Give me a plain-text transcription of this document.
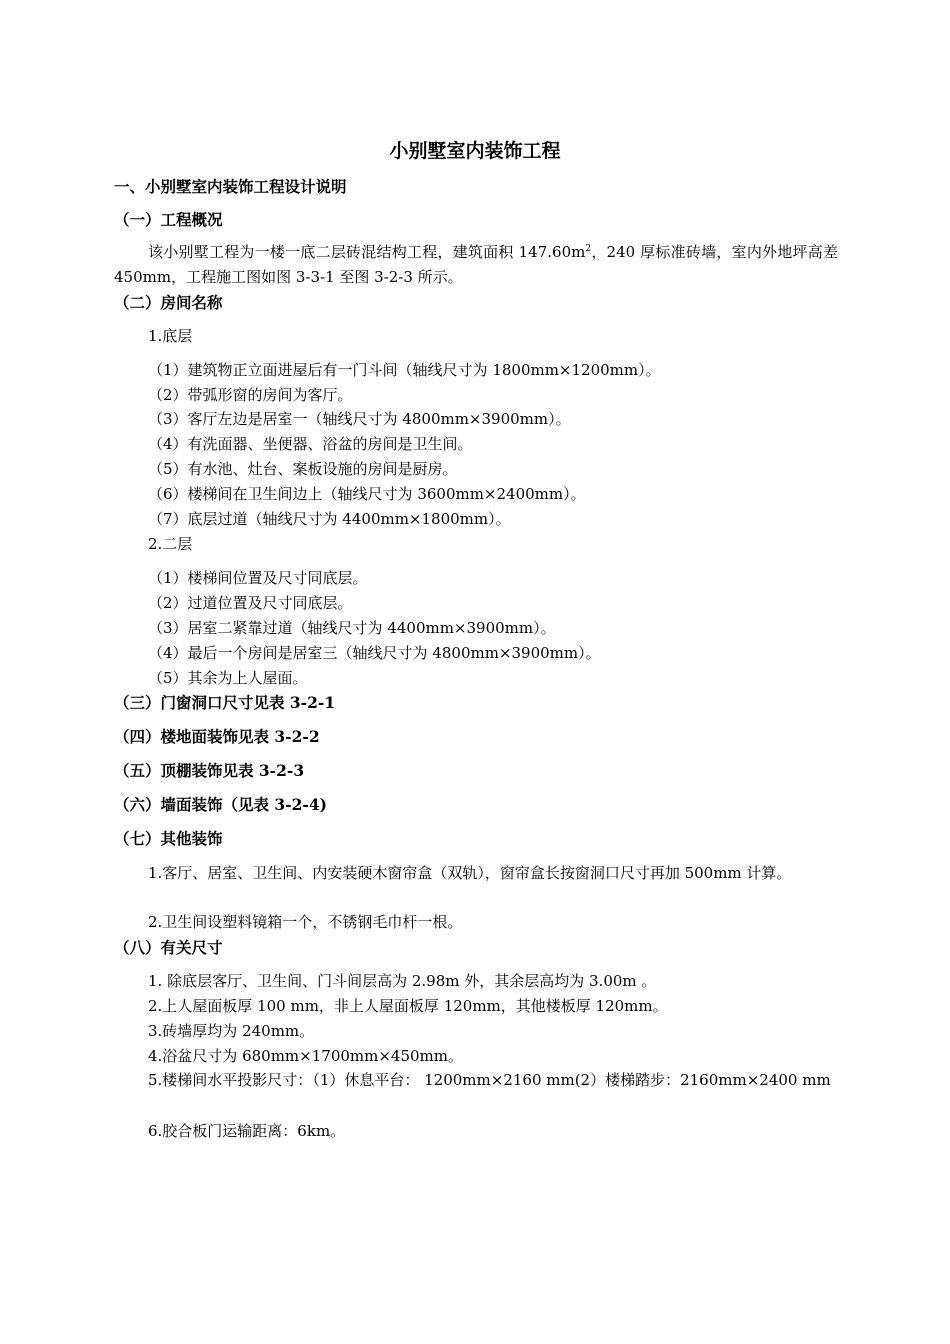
小别墅室内装饰工程
一、小别墅室内装饰工程设计说明
（一）工程概况
该小别墅工程为一楼一底二层砖混结构工程，建筑面积 $147.60m^2$，240 厚标准砖墙，室内外地坪高差 450mm，工程施工图如图 3-3-1 至图 3-2-3 所示。
（二）房间名称
1.底层
（1）建筑物正立面进屋后有一门斗间（轴线尺寸为 1800mm×1200mm）。
（2）带弧形窗的房间为客厅。
（3）客厅左边是居室一（轴线尺寸为 4800mm×3900mm）。
（4）有洗面器、坐便器、浴盆的房间是卫生间。
（5）有水池、灶台、案板设施的房间是厨房。
（6）楼梯间在卫生间边上（轴线尺寸为 3600mm×2400mm）。
（7）底层过道（轴线尺寸为 4400mm×1800mm）。
2.二层
（1）楼梯间位置及尺寸同底层。
（2）过道位置及尺寸同底层。
（3）居室二紧靠过道（轴线尺寸为 4400mm×3900mm）。
（4）最后一个房间是居室三（轴线尺寸为 4800mm×3900mm）。
（5）其余为上人屋面。
（三）门窗洞口尺寸见表 3-2-1
（四）楼地面装饰见表 3-2-2
（五）顶棚装饰见表 3-2-3
（六）墙面装饰（见表 3-2-4)
（七）其他装饰
1.客厅、居室、卫生间、内安装硬木窗帘盒（双轨），窗帘盒长按窗洞口尺寸再加 500mm 计算。
2.卫生间设塑料镜箱一个，不锈钢毛巾杆一根。
（八）有关尺寸
1. 除底层客厅、卫生间、门斗间层高为 2.98m 外，其余层高均为 3.00m 。
2.上人屋面板厚 100 mm，非上人屋面板厚 120mm，其他楼板厚 120mm。
3.砖墙厚均为 240mm。
4.浴盆尺寸为 680mm×1700mm×450mm。
5.楼梯间水平投影尺寸：（1）休息平台： 1200mm×2160 mm(2）楼梯踏步：2160mm×2400 mm
6.胶合板门运输距离：6km。
